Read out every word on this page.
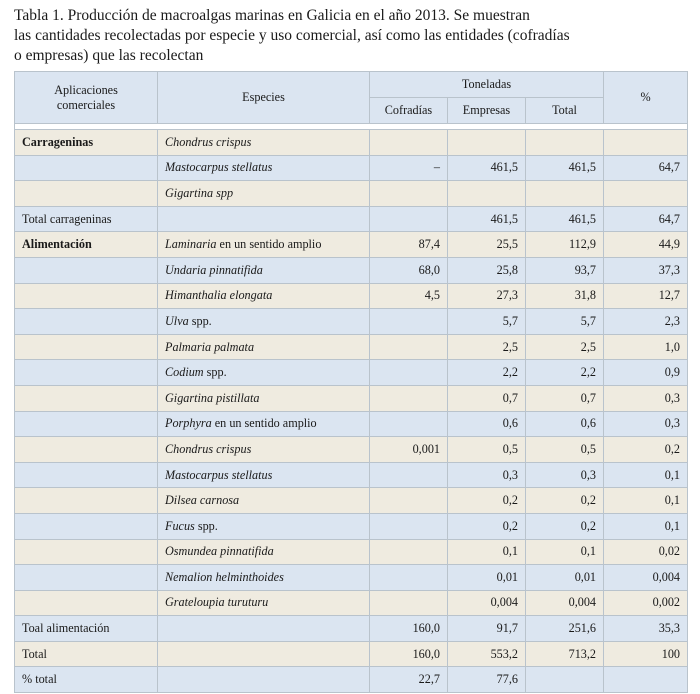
Tabla 1. Producción de macroalgas marinas en Galicia en el año 2013. Se muestran

las cantidades recolectadas por especie y uso comercial, así como las entidades (cofradías

o empresas) que las recolectan

Aplicaciones comerciales	Especies	Toneladas			%
		Cofradías	Empresas	Total	

Carrageninas	Chondrus crispus				
	Mastocarpus stellatus	–	461,5	461,5	64,7
	Gigartina spp				
Total carrageninas			461,5	461,5	64,7
Alimentación	Laminaria en un sentido amplio	87,4	25,5	112,9	44,9
	Undaria pinnatifida	68,0	25,8	93,7	37,3
	Himanthalia elongata	4,5	27,3	31,8	12,7
	Ulva spp.		5,7	5,7	2,3
	Palmaria palmata		2,5	2,5	1,0
	Codium spp.		2,2	2,2	0,9
	Gigartina pistillata		0,7	0,7	0,3
	Porphyra en un sentido amplio		0,6	0,6	0,3
	Chondrus crispus	0,001	0,5	0,5	0,2
	Mastocarpus stellatus		0,3	0,3	0,1
	Dilsea carnosa		0,2	0,2	0,1
	Fucus spp.		0,2	0,2	0,1
	Osmundea pinnatifida		0,1	0,1	0,02
	Nemalion helminthoides		0,01	0,01	0,004
	Grateloupia turuturu		0,004	0,004	0,002
Toal alimentación		160,0	91,7	251,6	35,3
Total		160,0	553,2	713,2	100
% total		22,7	77,6		
